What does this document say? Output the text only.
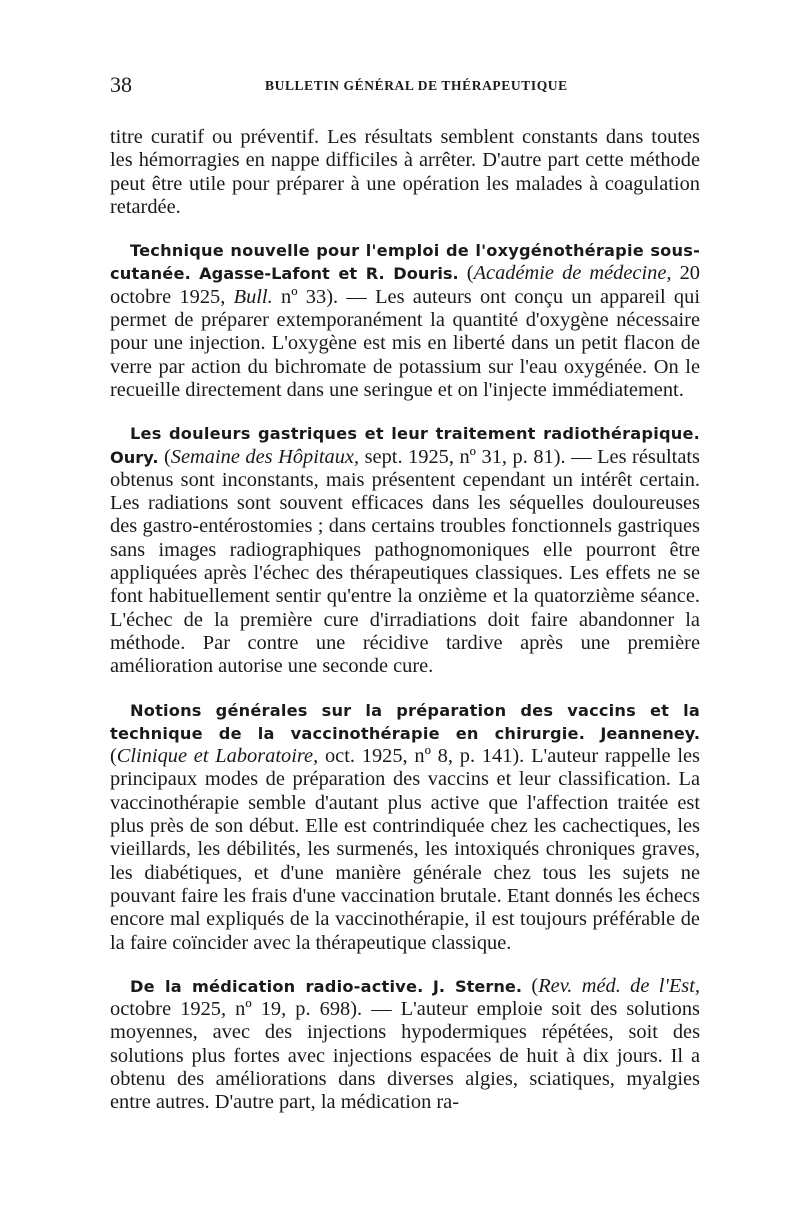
38	BULLETIN GÉNÉRAL DE THÉRAPEUTIQUE

titre curatif ou préventif. Les résultats semblent constants dans toutes les hémorragies en nappe difficiles à arrêter. D'autre part cette méthode peut être utile pour préparer à une opération les malades à coagulation retardée.

Technique nouvelle pour l'emploi de l'oxygénothérapie sous-cutanée. Agasse-Lafont et R. Douris. (Académie de médecine, 20 octobre 1925, Bull. nº 33). — Les auteurs ont conçu un appareil qui permet de préparer extemporanément la quantité d'oxygène nécessaire pour une injection. L'oxygène est mis en liberté dans un petit flacon de verre par action du bichromate de potassium sur l'eau oxygénée. On le recueille directement dans une seringue et on l'injecte immédiatement.

Les douleurs gastriques et leur traitement radiothérapique. Oury. (Semaine des Hôpitaux, sept. 1925, nº 31, p. 81). — Les résultats obtenus sont inconstants, mais présentent cependant un intérêt certain. Les radiations sont souvent efficaces dans les séquelles douloureuses des gastro-entérostomies ; dans certains troubles fonctionnels gastriques sans images radiographiques pathognomoniques elle pourront être appliquées après l'échec des thérapeutiques classiques. Les effets ne se font habituellement sentir qu'entre la onzième et la quatorzième séance. L'échec de la première cure d'irradiations doit faire abandonner la méthode. Par contre une récidive tardive après une première amélioration autorise une seconde cure.

Notions générales sur la préparation des vaccins et la technique de la vaccinothérapie en chirurgie. Jeanneney. (Clinique et Laboratoire, oct. 1925, nº 8, p. 141). L'auteur rappelle les principaux modes de préparation des vaccins et leur classification. La vaccinothérapie semble d'autant plus active que l'affection traitée est plus près de son début. Elle est contrindiquée chez les cachectiques, les vieillards, les débilités, les surmenés, les intoxiqués chroniques graves, les diabétiques, et d'une manière générale chez tous les sujets ne pouvant faire les frais d'une vaccination brutale. Etant donnés les échecs encore mal expliqués de la vaccinothérapie, il est toujours préférable de la faire coïncider avec la thérapeutique classique.

De la médication radio-active. J. Sterne. (Rev. méd. de l'Est, octobre 1925, nº 19, p. 698). — L'auteur emploie soit des solutions moyennes, avec des injections hypodermiques répétées, soit des solutions plus fortes avec injections espacées de huit à dix jours. Il a obtenu des améliorations dans diverses algies, sciatiques, myalgies entre autres. D'autre part, la médication ra-
